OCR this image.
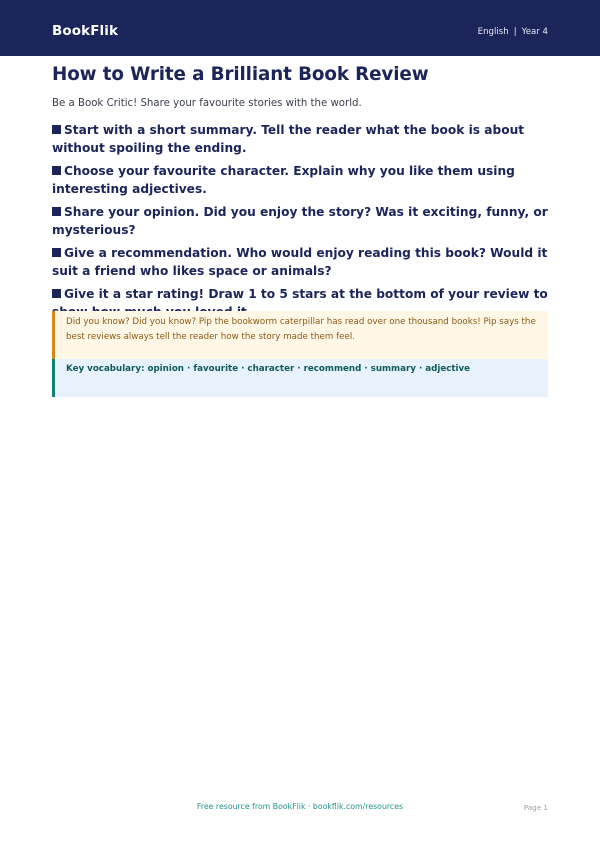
BookFlik	English | Year 4
How to Write a Brilliant Book Review
Be a Book Critic! Share your favourite stories with the world.
Start with a short summary. Tell the reader what the book is about without spoiling the ending.
Choose your favourite character. Explain why you like them using interesting adjectives.
Share your opinion. Did you enjoy the story? Was it exciting, funny, or mysterious?
Give a recommendation. Who would enjoy reading this book? Would it suit a friend who likes space or animals?
Give it a star rating! Draw 1 to 5 stars at the bottom of your review to
Did you know? Did you know? Pip the bookworm caterpillar has read over one thousand books! Pip says the best reviews always tell the reader how the story made them feel.
Key vocabulary: opinion · favourite · character · recommend · summary · adjective
Free resource from BookFlik · bookflik.com/resources	Page 1
